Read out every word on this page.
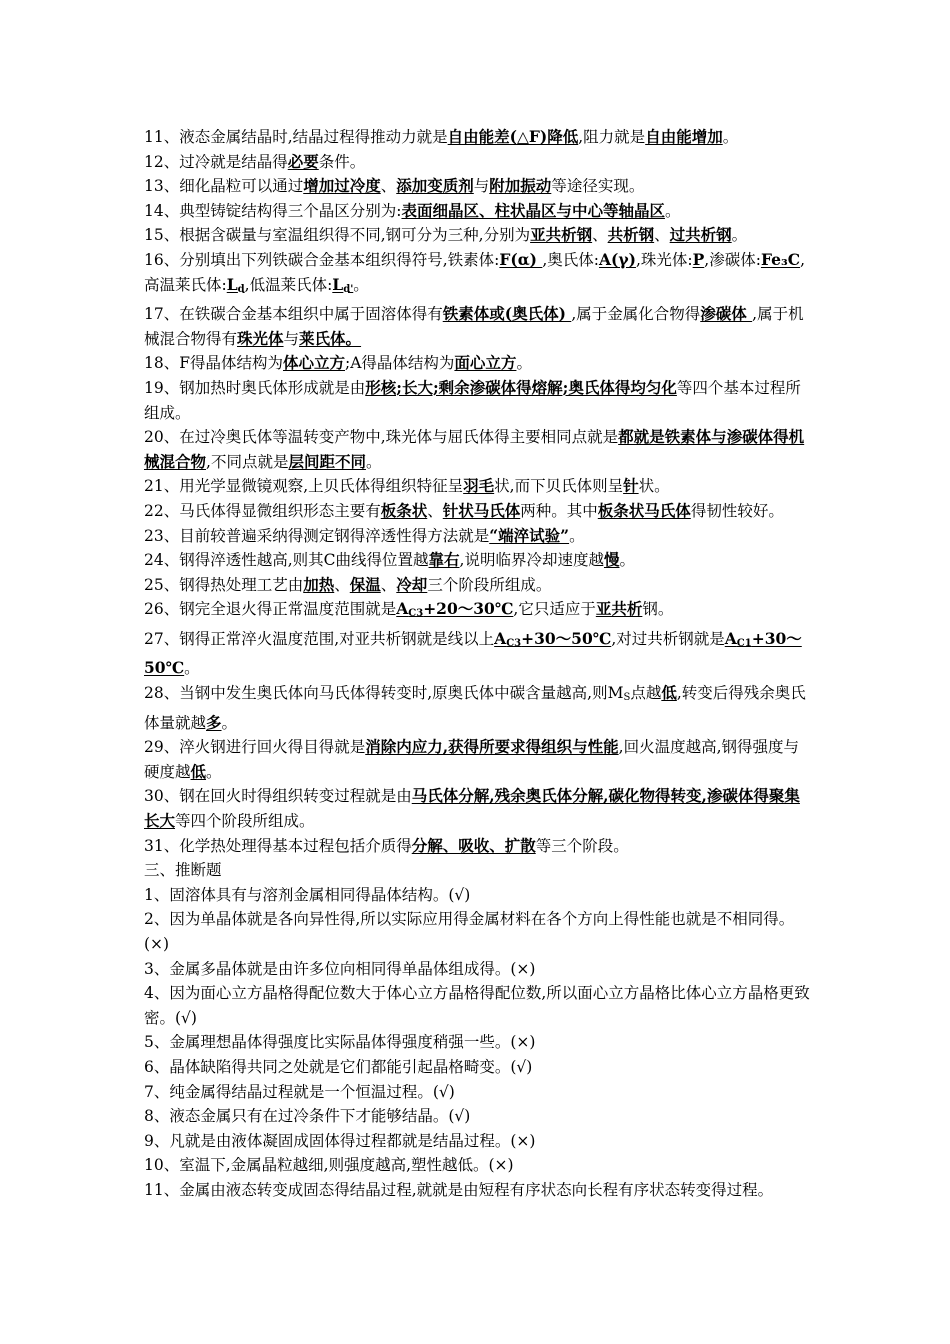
11、液态金属结晶时,结晶过程得推动力就是自由能差(△F)降低,阻力就是自由能增加。

12、过冷就是结晶得必要条件。

13、细化晶粒可以通过增加过冷度、添加变质剂与附加振动等途径实现。

14、典型铸锭结构得三个晶区分别为:表面细晶区、柱状晶区与中心等轴晶区。

15、根据含碳量与室温组织得不同,钢可分为三种,分别为亚共析钢、共析钢、过共析钢。

16、分别填出下列铁碳合金基本组织得符号,铁素体:F(α) ,奥氏体:A(γ),珠光体:P,渗碳体:Fe₃C,高温莱氏体$:L_d$,低温莱氏体$:L_{d'}$。

17、在铁碳合金基本组织中属于固溶体得有铁素体或(奥氏体) ,属于金属化合物得渗碳体 ,属于机械混合物得有珠光体与莱氏体。

18、F得晶体结构为体心立方;A得晶体结构为面心立方。

19、钢加热时奥氏体形成就是由形核;长大;剩余渗碳体得熔解;奥氏体得均匀化等四个基本过程所组成。

20、在过冷奥氏体等温转变产物中,珠光体与屈氏体得主要相同点就是都就是铁素体与渗碳体得机械混合物,不同点就是层间距不同。

21、用光学显微镜观察,上贝氏体得组织特征呈羽毛状,而下贝氏体则呈针状。

22、马氏体得显微组织形态主要有板条状、针状马氏体两种。其中板条状马氏体得韧性较好。

23、目前较普遍采纳得测定钢得淬透性得方法就是“端淬试验”。

24、钢得淬透性越高,则其C曲线得位置越靠右,说明临界冷却速度越慢。

25、钢得热处理工艺由加热、保温、冷却三个阶段所组成。

26、钢完全退火得正常温度范围就是$A_{C3}+20\sim 30℃$,它只适应于亚共析钢。

27、钢得正常淬火温度范围,对亚共析钢就是线以上$A_{C3}+30\sim 50℃$,对过共析钢就是$A_{C1}+30\sim 50℃$。

28、当钢中发生奥氏体向马氏体得转变时,原奥氏体中碳含量越高,则$M_S$点越低,转变后得残余奥氏体量就越多。

29、淬火钢进行回火得目得就是消除内应力,获得所要求得组织与性能,回火温度越高,钢得强度与硬度越低。

30、钢在回火时得组织转变过程就是由马氏体分解,残余奥氏体分解,碳化物得转变,渗碳体得聚集长大等四个阶段所组成。

31、化学热处理得基本过程包括介质得分解、吸收、扩散等三个阶段。

三、推断题

1、固溶体具有与溶剂金属相同得晶体结构。(√)

2、因为单晶体就是各向异性得,所以实际应用得金属材料在各个方向上得性能也就是不相同得。(×)

3、金属多晶体就是由许多位向相同得单晶体组成得。(×)

4、因为面心立方晶格得配位数大于体心立方晶格得配位数,所以面心立方晶格比体心立方晶格更致密。(√)

5、金属理想晶体得强度比实际晶体得强度稍强一些。(×)

6、晶体缺陷得共同之处就是它们都能引起晶格畸变。(√)

7、纯金属得结晶过程就是一个恒温过程。(√)

8、液态金属只有在过冷条件下才能够结晶。(√)

9、凡就是由液体凝固成固体得过程都就是结晶过程。(×)

10、室温下,金属晶粒越细,则强度越高,塑性越低。(×)

11、金属由液态转变成固态得结晶过程,就就是由短程有序状态向长程有序状态转变得过程。
